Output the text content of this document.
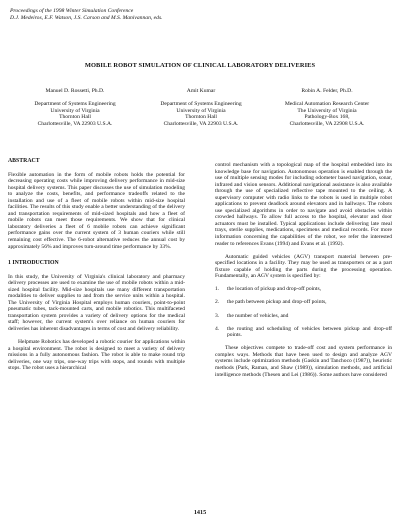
Proceedings of the 1998 Winter Simulation Conference
D.J. Medeiros, E.F. Watson, J.S. Carson and M.S. Manivannan, eds.
MOBILE ROBOT SIMULATION OF CLINICAL LABORATORY DELIVERIES
Manuel D. Rossetti, Ph.D.
Department of Systems Engineering
University of Virginia
Thornton Hall
Charlottesville, VA 22903 U.S.A.
Amit Kumar
Department of Systems Engineering
University of Virginia
Thornton Hall
Charlottesville, VA 22903 U.S.A.
Robin A. Felder, Ph.D.
Medical Automation Research Center
The University of Virginia
Pathology-Box 168,
Charlottesville, VA 22908 U.S.A.
ABSTRACT

Flexible automation in the form of mobile robots holds the potential for decreasing operating costs while improving delivery performance in mid-size hospital delivery systems. This paper discusses the use of simulation modeling to analyze the costs, benefits, and performance tradeoffs related to the installation and use of a fleet of mobile robots within mid-size hospital facilities. The results of this study enable a better understanding of the delivery and transportation requirements of mid-sized hospitals and how a fleet of mobile robots can meet those requirements. We show that for clinical laboratory deliveries a fleet of 6 mobile robots can achieve significant performance gains over the current system of 3 human couriers while still remaining cost effective. The 6-robot alternative reduces the annual cost by approximately 56% and improves turn-around time performance by 33%.

1 INTRODUCTION

In this study, the University of Virginia's clinical laboratory and pharmacy delivery processes are used to examine the use of mobile robots within a mid-sized hospital facility. Mid-size hospitals use many different transportation modalities to deliver supplies to and from the service units within a hospital. The University of Virginia Hospital employs human couriers, point-to-point pneumatic tubes, tack-mounted carts, and mobile robotics. This multifaceted transportation system provides a variety of delivery options for the medical staff; however, the current system's over reliance on human couriers for deliveries has inherent disadvantages in terms of cost and delivery reliability.

Helpmate Robotics has developed a robotic courier for applications within a hospital environment. The robot is designed to meet a variety of delivery missions in a fully autonomous fashion. The robot is able to make round trip deliveries, one way trips, one-way trips with stops, and rounds with multiple stops. The robot uses a hierarchical

control mechanism with a topological map of the hospital embedded into its knowledge base for navigation. Autonomous operation is enabled through the use of multiple sensing modes for including odometer based navigation, sonar, infrared and vision sensors. Additional navigational assistance is also available through the use of specialized reflective tape mounted to the ceiling. A supervisory computer with radio links to the robots is used in multiple robot applications to prevent deadlock around elevators and in hallways. The robots use specialized algorithms in order to navigate and avoid obstacles within crowded hallways. To allow full access to the hospital, elevator and door actuators must be installed. Typical applications include delivering late meal trays, sterile supplies, medications, specimens and medical records. For more information concerning the capabilities of the robot, we refer the interested reader to references Evans (1994) and Evans et al. (1992).

Automatic guided vehicles (AGV) transport material between pre-specified locations in a facility. They may be used as transporters or as a part fixture capable of holding the parts during the processing operation. Fundamentally, an AGV system is specified by:

1.	the location of pickup and drop-off points,
2.	the path between pickup and drop-off points,
3.	the number of vehicles, and
4.	the routing and scheduling of vehicles between pickup and drop-off points.

These objectives compete to trade-off cost and system performance in complex ways. Methods that have been used to design and analyze AGV systems include optimization methods (Gaskin and Tanchoco (1987)), heuristic methods (Park, Raman, and Shaw (1989)), simulation methods, and artificial intelligence methods (Thesen and Lei (1986)). Some authors have considered

1415
